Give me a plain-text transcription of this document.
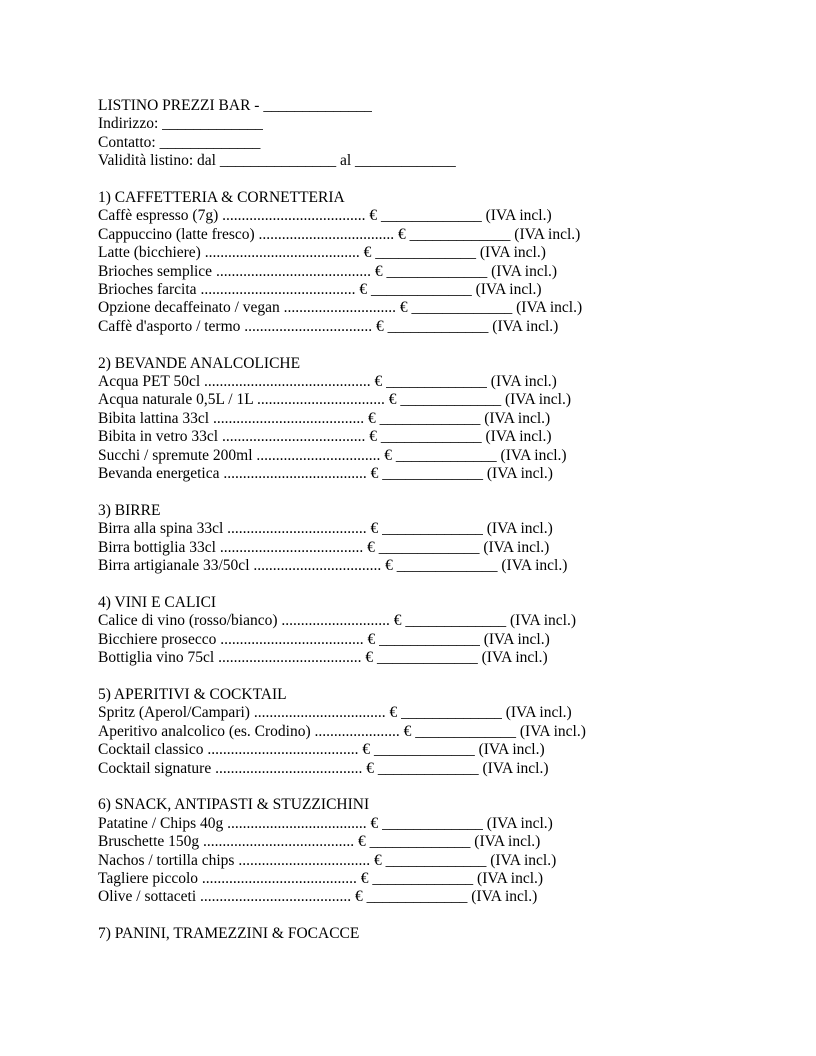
LISTINO PREZZI BAR - ______________
Indirizzo: _____________
Contatto: _____________
Validità listino: dal _______________ al _____________
1) CAFFETTERIA & CORNETTERIA
Caffè espresso (7g) ..................................... € _____________ (IVA incl.)
Cappuccino (latte fresco) ................................... € _____________ (IVA incl.)
Latte (bicchiere) ........................................ € _____________ (IVA incl.)
Brioches semplice ........................................ € _____________ (IVA incl.)
Brioches farcita ........................................ € _____________ (IVA incl.)
Opzione decaffeinato / vegan ............................. € _____________ (IVA incl.)
Caffè d'asporto / termo ................................. € _____________ (IVA incl.)
2) BEVANDE ANALCOLICHE
Acqua PET 50cl ........................................... € _____________ (IVA incl.)
Acqua naturale 0,5L / 1L ................................. € _____________ (IVA incl.)
Bibita lattina 33cl ....................................... € _____________ (IVA incl.)
Bibita in vetro 33cl ..................................... € _____________ (IVA incl.)
Succhi / spremute 200ml ................................ € _____________ (IVA incl.)
Bevanda energetica ..................................... € _____________ (IVA incl.)
3) BIRRE
Birra alla spina 33cl .................................... € _____________ (IVA incl.)
Birra bottiglia 33cl ..................................... € _____________ (IVA incl.)
Birra artigianale 33/50cl ................................. € _____________ (IVA incl.)
4) VINI E CALICI
Calice di vino (rosso/bianco) ............................ € _____________ (IVA incl.)
Bicchiere prosecco ..................................... € _____________ (IVA incl.)
Bottiglia vino 75cl ..................................... € _____________ (IVA incl.)
5) APERITIVI & COCKTAIL
Spritz (Aperol/Campari) .................................. € _____________ (IVA incl.)
Aperitivo analcolico (es. Crodino) ...................... € _____________ (IVA incl.)
Cocktail classico ....................................... € _____________ (IVA incl.)
Cocktail signature ...................................... € _____________ (IVA incl.)
6) SNACK, ANTIPASTI & STUZZICHINI
Patatine / Chips 40g .................................... € _____________ (IVA incl.)
Bruschette 150g ....................................... € _____________ (IVA incl.)
Nachos / tortilla chips .................................. € _____________ (IVA incl.)
Tagliere piccolo ........................................ € _____________ (IVA incl.)
Olive / sottaceti ....................................... € _____________ (IVA incl.)
7) PANINI, TRAMEZZINI & FOCACCE
